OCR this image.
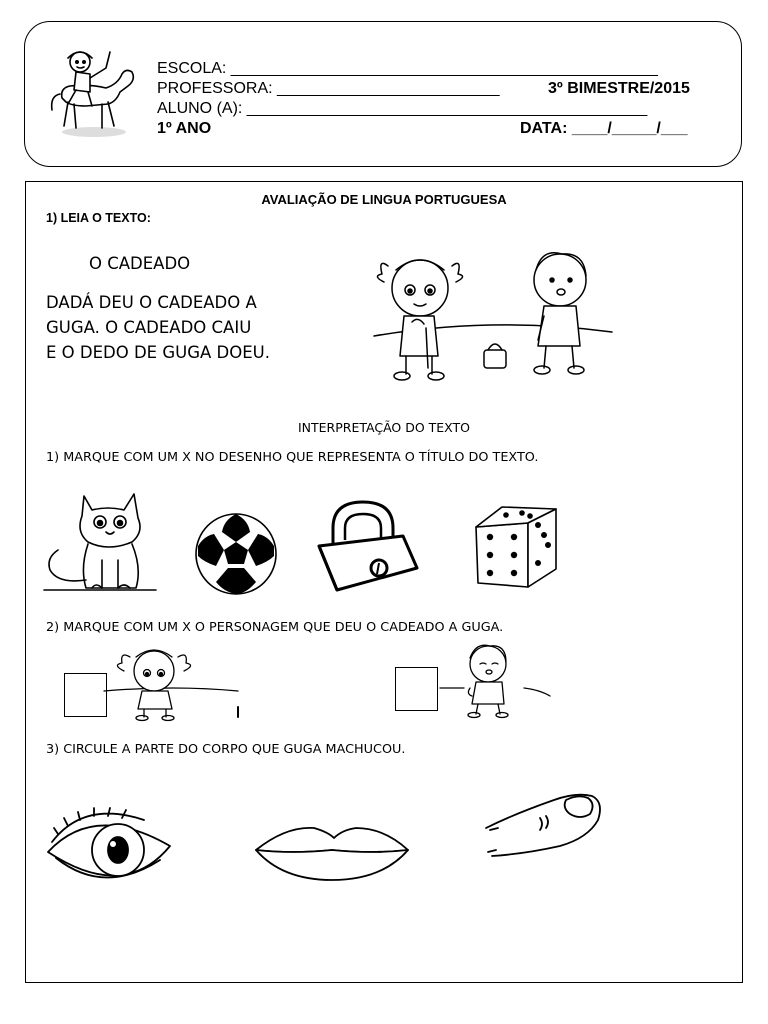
ESCOLA: ________________________________________________
PROFESSORA: _________________________	3º BIMESTRE/2015
ALUNO (A): _____________________________________________
1º ANO	DATA: ____/_____/___
AVALIAÇÃO DE LINGUA PORTUGUESA
1) LEIA O TEXTO:
O CADEADO
DADÁ DEU O CADEADO A
GUGA. O CADEADO CAIU
E O DEDO DE GUGA DOEU.
INTERPRETAÇÃO DO TEXTO
1) MARQUE COM UM X NO DESENHO QUE REPRESENTA O TÍTULO DO TEXTO.
2) MARQUE COM UM X O PERSONAGEM QUE DEU O CADEADO A GUGA.
3) CIRCULE A PARTE DO CORPO QUE GUGA MACHUCOU.
